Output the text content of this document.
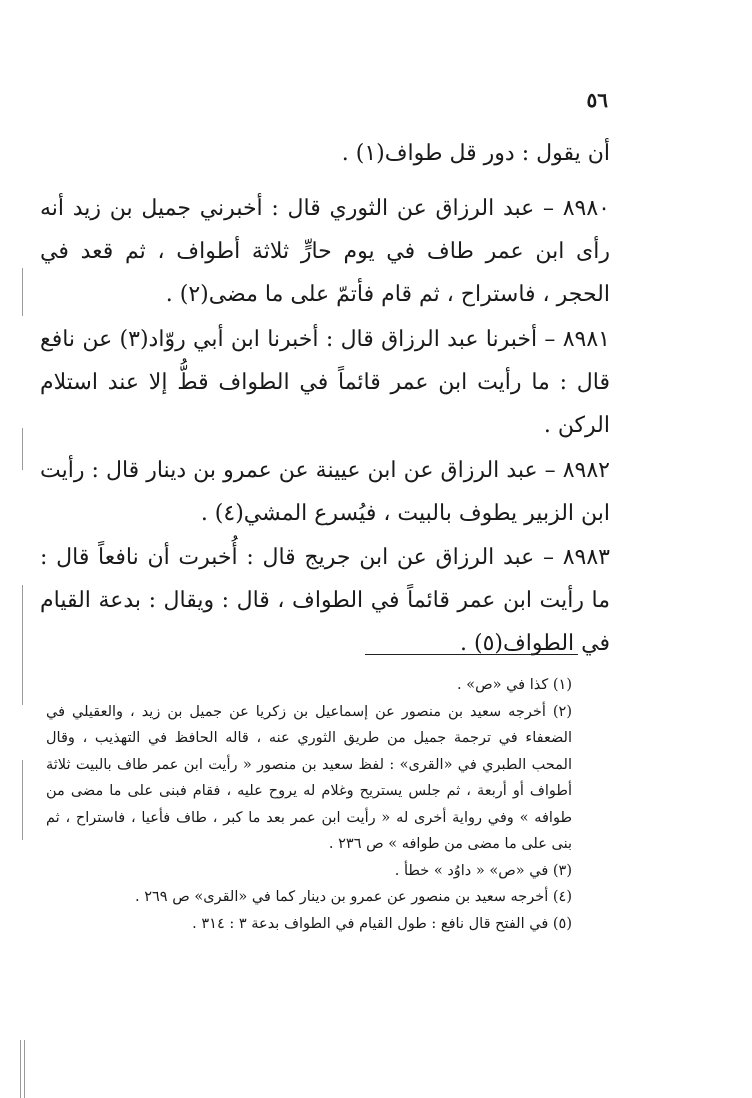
٥٦

أن يقول : دور قل طواف(١) .

٨٩٨٠ – عبد الرزاق عن الثوري قال : أخبرني جميل بن زيد أنه رأى ابن عمر طاف في يوم حارٍّ ثلاثة أطواف ، ثم قعد في الحجر ، فاستراح ، ثم قام فأتمّ على ما مضى(٢) .

٨٩٨١ – أخبرنا عبد الرزاق قال : أخبرنا ابن أبي روّاد(٣) عن نافع قال : ما رأيت ابن عمر قائماً في الطواف قطُّ إلا عند استلام الركن .

٨٩٨٢ – عبد الرزاق عن ابن عيينة عن عمرو بن دينار قال : رأيت ابن الزبير يطوف بالبيت ، فيُسرع المشي(٤) .

٨٩٨٣ – عبد الرزاق عن ابن جريج قال : أُخبرت أن نافعاً قال : ما رأيت ابن عمر قائماً في الطواف ، قال : ويقال : بدعة القيام في الطواف(٥) .

(١) كذا في «ص» .

(٢) أخرجه سعيد بن منصور عن إسماعيل بن زكريا عن جميل بن زيد ، والعقيلي في الضعفاء في ترجمة جميل من طريق الثوري عنه ، قاله الحافظ في التهذيب ، وقال المحب الطبري في «القرى» : لفظ سعيد بن منصور « رأيت ابن عمر طاف بالبيت ثلاثة أطواف أو أربعة ، ثم جلس يستريح وغلام له يروح عليه ، فقام فبنى على ما مضى من طوافه » وفي رواية أخرى له « رأيت ابن عمر بعد ما كبر ، طاف فأعيا ، فاستراح ، ثم بنى على ما مضى من طوافه » ص ٢٣٦ .

(٣) في «ص» « داوُد » خطأ .

(٤) أخرجه سعيد بن منصور عن عمرو بن دينار كما في «القرى» ص ٢٦٩ .

(٥) في الفتح قال نافع : طول القيام في الطواف بدعة ٣ : ٣١٤ .
